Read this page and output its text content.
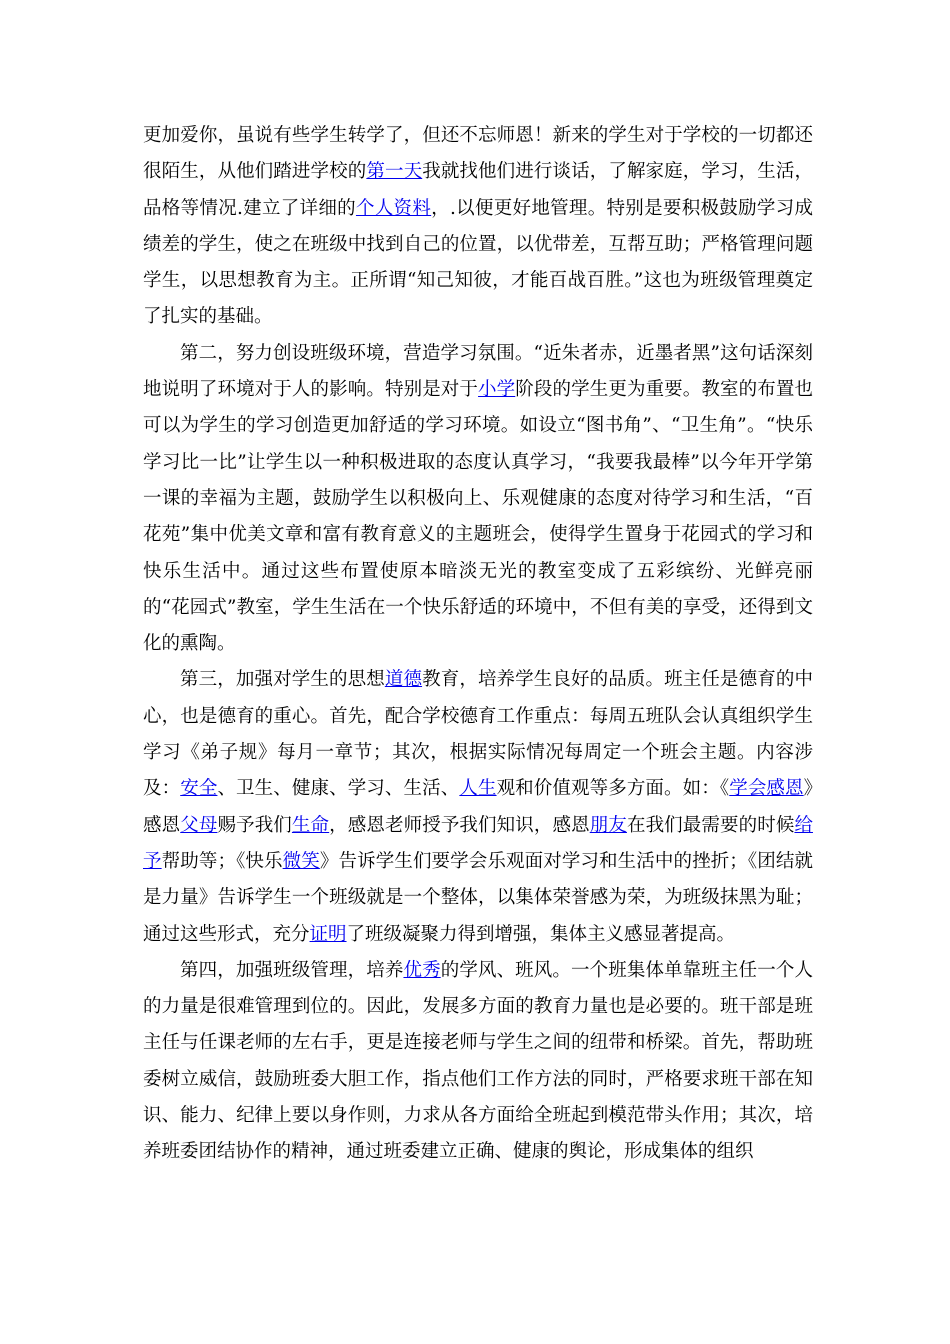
更加爱你，虽说有些学生转学了，但还不忘师恩！新来的学生对于学校的一切都还很陌生，从他们踏进学校的第一天我就找他们进行谈话，了解家庭，学习，生活，品格等情况.建立了详细的个人资料，.以便更好地管理。特别是要积极鼓励学习成绩差的学生，使之在班级中找到自己的位置，以优带差，互帮互助；严格管理问题学生，以思想教育为主。正所谓“知己知彼，才能百战百胜。”这也为班级管理奠定了扎实的基础。

第二，努力创设班级环境，营造学习氛围。“近朱者赤，近墨者黑”这句话深刻地说明了环境对于人的影响。特别是对于小学阶段的学生更为重要。教室的布置也可以为学生的学习创造更加舒适的学习环境。如设立“图书角”、“卫生角”。“快乐学习比一比”让学生以一种积极进取的态度认真学习，“我要我最棒”以今年开学第一课的幸福为主题，鼓励学生以积极向上、乐观健康的态度对待学习和生活，“百花苑”集中优美文章和富有教育意义的主题班会，使得学生置身于花园式的学习和快乐生活中。通过这些布置使原本暗淡无光的教室变成了五彩缤纷、光鲜亮丽的“花园式”教室，学生生活在一个快乐舒适的环境中，不但有美的享受，还得到文化的熏陶。

第三，加强对学生的思想道德教育，培养学生良好的品质。班主任是德育的中心，也是德育的重心。首先，配合学校德育工作重点：每周五班队会认真组织学生学习《弟子规》每月一章节；其次，根据实际情况每周定一个班会主题。内容涉及：安全、卫生、健康、学习、生活、人生观和价值观等多方面。如：《学会感恩》感恩父母赐予我们生命，感恩老师授予我们知识，感恩朋友在我们最需要的时候给予帮助等；《快乐微笑》告诉学生们要学会乐观面对学习和生活中的挫折；《团结就是力量》告诉学生一个班级就是一个整体，以集体荣誉感为荣，为班级抹黑为耻；通过这些形式，充分证明了班级凝聚力得到增强，集体主义感显著提高。

第四，加强班级管理，培养优秀的学风、班风。一个班集体单靠班主任一个人的力量是很难管理到位的。因此，发展多方面的教育力量也是必要的。班干部是班主任与任课老师的左右手，更是连接老师与学生之间的纽带和桥梁。首先，帮助班委树立威信，鼓励班委大胆工作，指点他们工作方法的同时，严格要求班干部在知识、能力、纪律上要以身作则，力求从各方面给全班起到模范带头作用；其次，培养班委团结协作的精神，通过班委建立正确、健康的舆论，形成集体的组织
